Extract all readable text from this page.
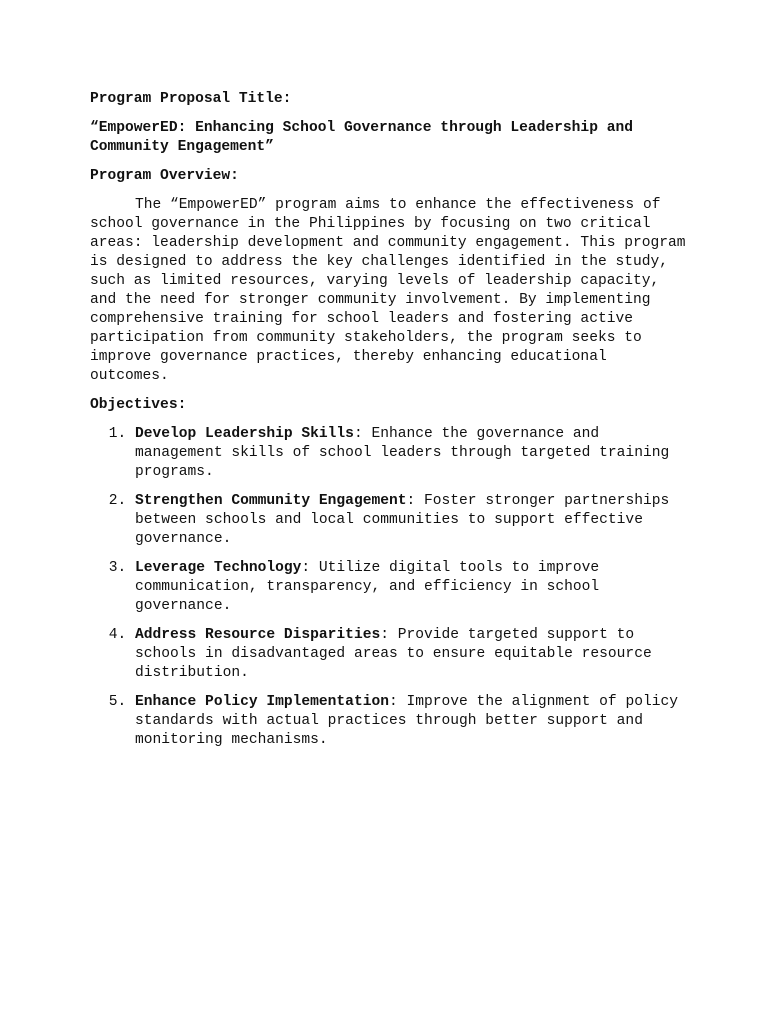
Program Proposal Title:

“EmpowerED: Enhancing School Governance through Leadership and Community Engagement”

Program Overview:

The “EmpowerED” program aims to enhance the effectiveness of school governance in the Philippines by focusing on two critical areas: leadership development and community engagement. This program is designed to address the key challenges identified in the study, such as limited resources, varying levels of leadership capacity, and the need for stronger community involvement. By implementing comprehensive training for school leaders and fostering active participation from community stakeholders, the program seeks to improve governance practices, thereby enhancing educational outcomes.

Objectives:

1. Develop Leadership Skills: Enhance the governance and management skills of school leaders through targeted training programs.
2. Strengthen Community Engagement: Foster stronger partnerships between schools and local communities to support effective governance.
3. Leverage Technology: Utilize digital tools to improve communication, transparency, and efficiency in school governance.
4. Address Resource Disparities: Provide targeted support to schools in disadvantaged areas to ensure equitable resource distribution.
5. Enhance Policy Implementation: Improve the alignment of policy standards with actual practices through better support and monitoring mechanisms.
